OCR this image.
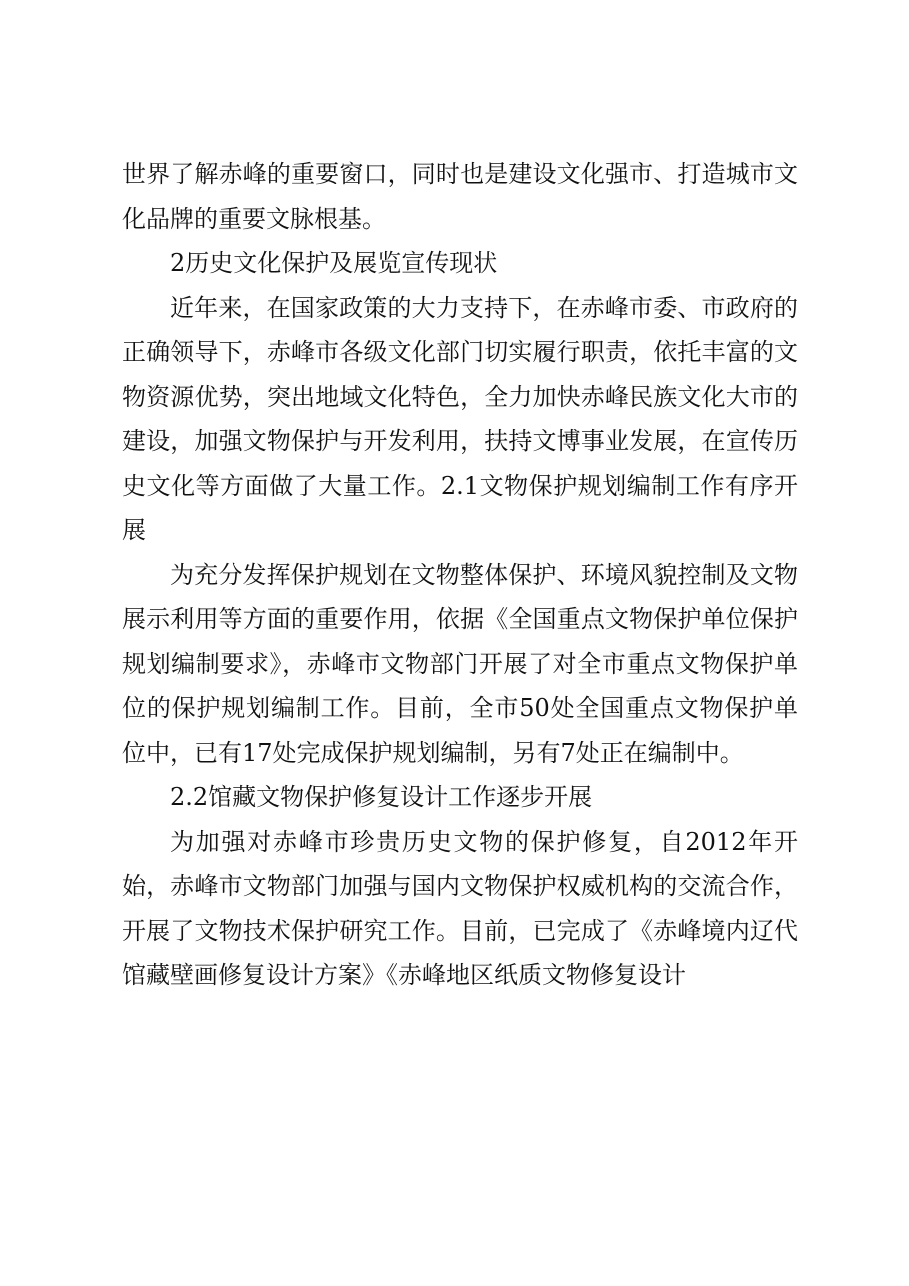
世界了解赤峰的重要窗口，同时也是建设文化强市、打造城市文化品牌的重要文脉根基。

2历史文化保护及展览宣传现状

近年来，在国家政策的大力支持下，在赤峰市委、市政府的正确领导下，赤峰市各级文化部门切实履行职责，依托丰富的文物资源优势，突出地域文化特色，全力加快赤峰民族文化大市的建设，加强文物保护与开发利用，扶持文博事业发展，在宣传历史文化等方面做了大量工作。2.1文物保护规划编制工作有序开展

为充分发挥保护规划在文物整体保护、环境风貌控制及文物展示利用等方面的重要作用，依据《全国重点文物保护单位保护规划编制要求》，赤峰市文物部门开展了对全市重点文物保护单位的保护规划编制工作。目前，全市50处全国重点文物保护单位中，已有17处完成保护规划编制，另有7处正在编制中。

2.2馆藏文物保护修复设计工作逐步开展

为加强对赤峰市珍贵历史文物的保护修复，自2012年开始，赤峰市文物部门加强与国内文物保护权威机构的交流合作，开展了文物技术保护研究工作。目前，已完成了《赤峰境内辽代馆藏壁画修复设计方案》《赤峰地区纸质文物修复设计
